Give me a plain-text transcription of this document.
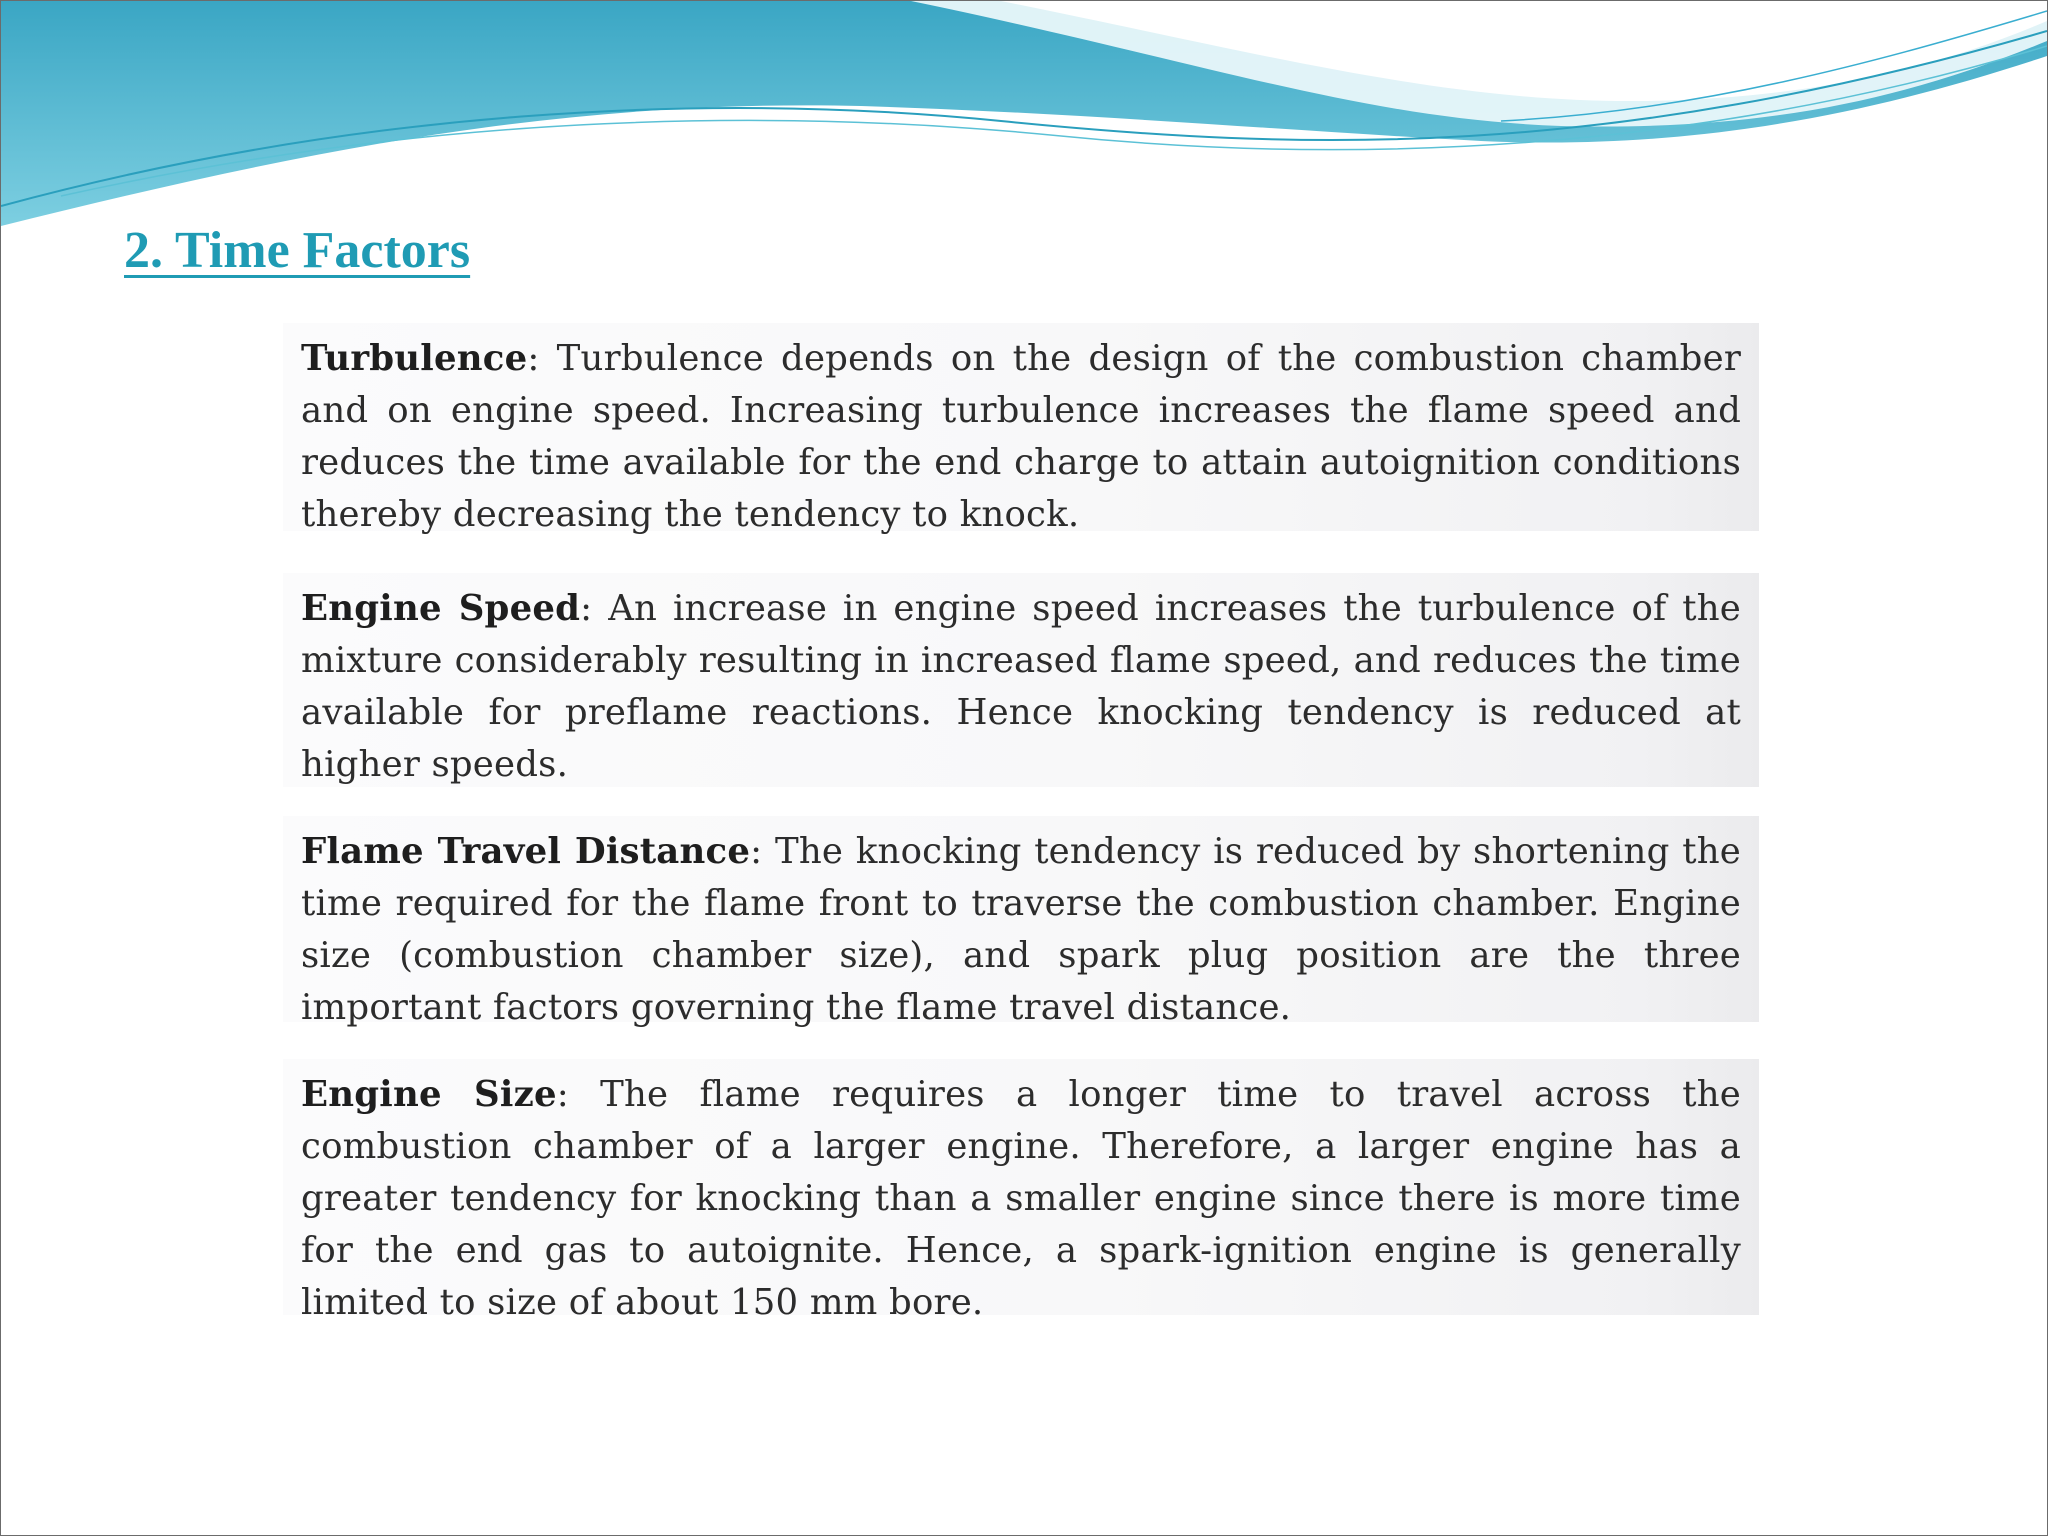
2. Time Factors

Turbulence: Turbulence depends on the design of the combustion chamber and on engine speed. Increasing turbulence increases the flame speed and reduces the time available for the end charge to attain autoignition conditions thereby decreasing the tendency to knock.

Engine Speed: An increase in engine speed increases the turbulence of the mixture considerably resulting in increased flame speed, and reduces the time available for preflame reactions. Hence knocking tendency is reduced at higher speeds.

Flame Travel Distance: The knocking tendency is reduced by shortening the time required for the flame front to traverse the combustion chamber. Engine size (combustion chamber size), and spark plug position are the three important factors governing the flame travel distance.

Engine Size: The flame requires a longer time to travel across the combustion chamber of a larger engine. Therefore, a larger engine has a greater tendency for knocking than a smaller engine since there is more time for the end gas to autoignite. Hence, a spark-ignition engine is generally limited to size of about 150 mm bore.
